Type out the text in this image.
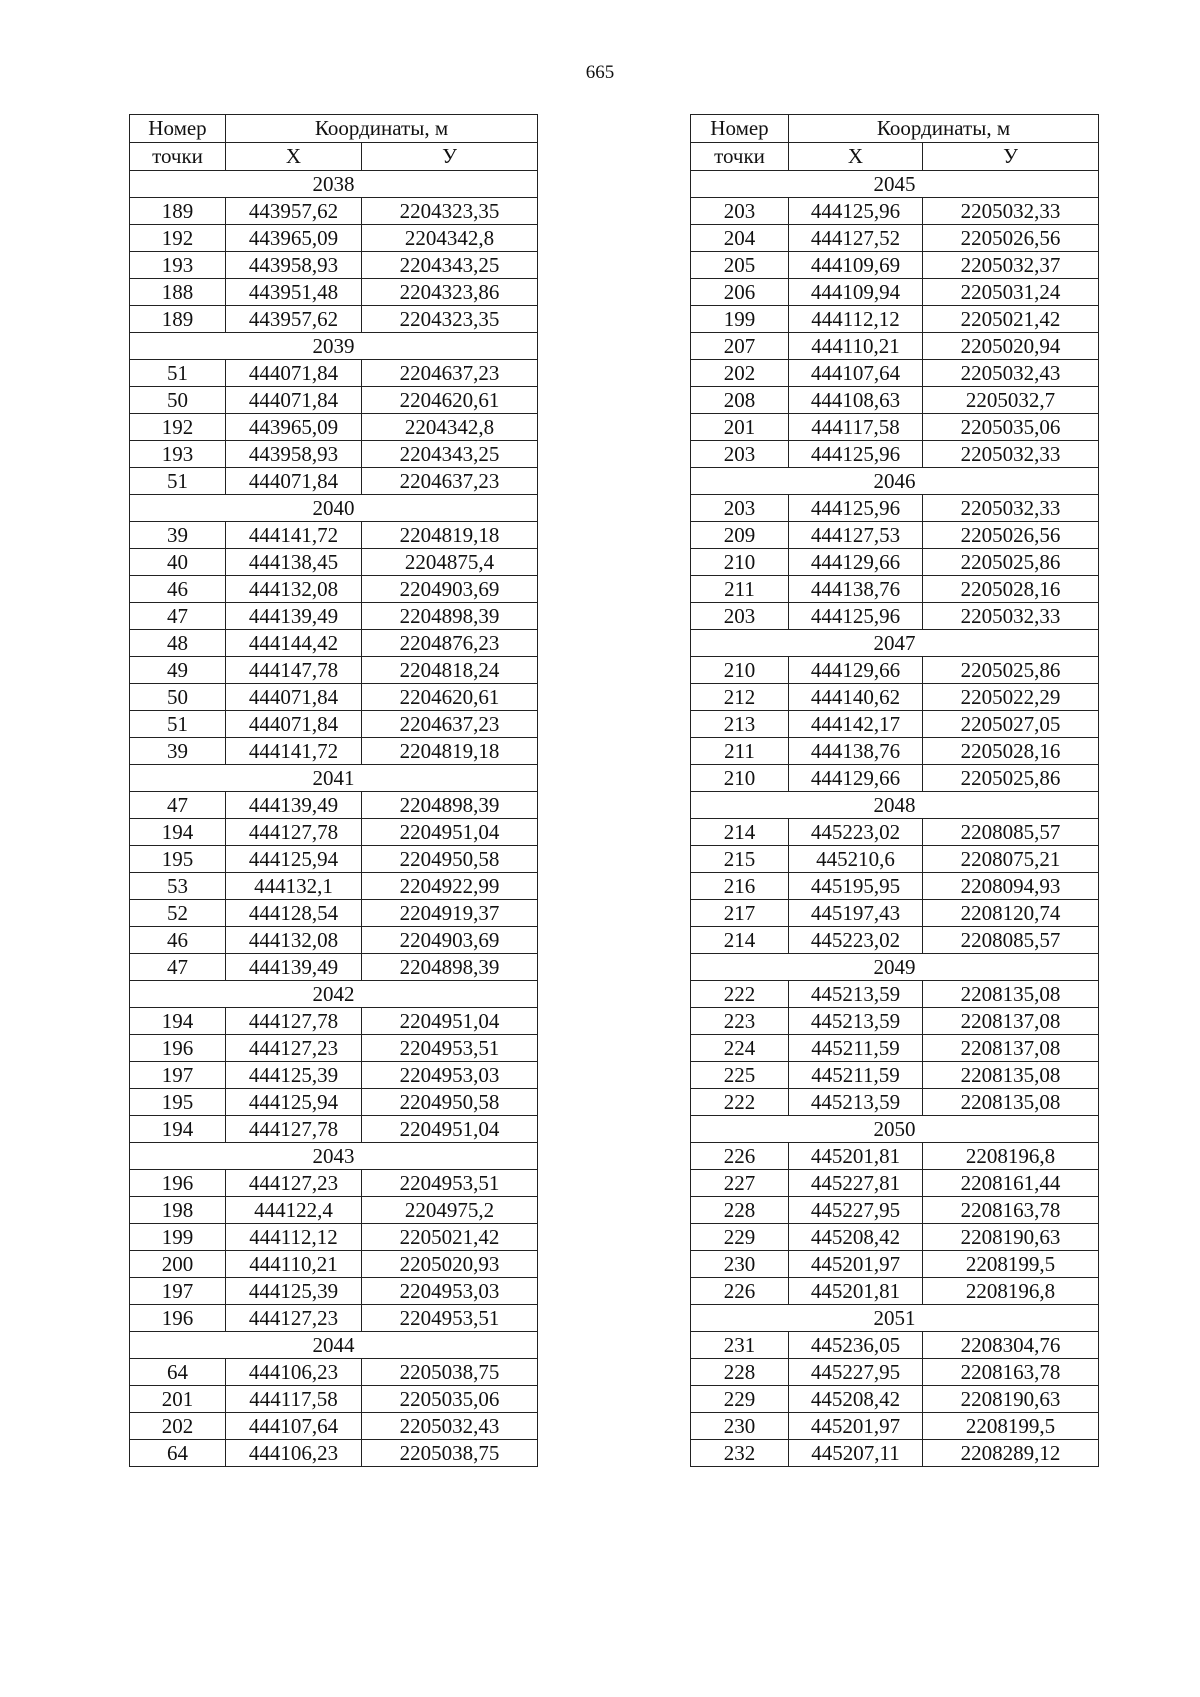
665
Номер	Координаты, м	
точки	X	У
2038		
189	443957,62	2204323,35
192	443965,09	2204342,8
193	443958,93	2204343,25
188	443951,48	2204323,86
189	443957,62	2204323,35
2039		
51	444071,84	2204637,23
50	444071,84	2204620,61
192	443965,09	2204342,8
193	443958,93	2204343,25
51	444071,84	2204637,23
2040		
39	444141,72	2204819,18
40	444138,45	2204875,4
46	444132,08	2204903,69
47	444139,49	2204898,39
48	444144,42	2204876,23
49	444147,78	2204818,24
50	444071,84	2204620,61
51	444071,84	2204637,23
39	444141,72	2204819,18
2041		
47	444139,49	2204898,39
194	444127,78	2204951,04
195	444125,94	2204950,58
53	444132,1	2204922,99
52	444128,54	2204919,37
46	444132,08	2204903,69
47	444139,49	2204898,39
2042		
194	444127,78	2204951,04
196	444127,23	2204953,51
197	444125,39	2204953,03
195	444125,94	2204950,58
194	444127,78	2204951,04
2043		
196	444127,23	2204953,51
198	444122,4	2204975,2
199	444112,12	2205021,42
200	444110,21	2205020,93
197	444125,39	2204953,03
196	444127,23	2204953,51
2044		
64	444106,23	2205038,75
201	444117,58	2205035,06
202	444107,64	2205032,43
64	444106,23	2205038,75
Номер	Координаты, м	
точки	X	У
2045		
203	444125,96	2205032,33
204	444127,52	2205026,56
205	444109,69	2205032,37
206	444109,94	2205031,24
199	444112,12	2205021,42
207	444110,21	2205020,94
202	444107,64	2205032,43
208	444108,63	2205032,7
201	444117,58	2205035,06
203	444125,96	2205032,33
2046		
203	444125,96	2205032,33
209	444127,53	2205026,56
210	444129,66	2205025,86
211	444138,76	2205028,16
203	444125,96	2205032,33
2047		
210	444129,66	2205025,86
212	444140,62	2205022,29
213	444142,17	2205027,05
211	444138,76	2205028,16
210	444129,66	2205025,86
2048		
214	445223,02	2208085,57
215	445210,6	2208075,21
216	445195,95	2208094,93
217	445197,43	2208120,74
214	445223,02	2208085,57
2049		
222	445213,59	2208135,08
223	445213,59	2208137,08
224	445211,59	2208137,08
225	445211,59	2208135,08
222	445213,59	2208135,08
2050		
226	445201,81	2208196,8
227	445227,81	2208161,44
228	445227,95	2208163,78
229	445208,42	2208190,63
230	445201,97	2208199,5
226	445201,81	2208196,8
2051		
231	445236,05	2208304,76
228	445227,95	2208163,78
229	445208,42	2208190,63
230	445201,97	2208199,5
232	445207,11	2208289,12
